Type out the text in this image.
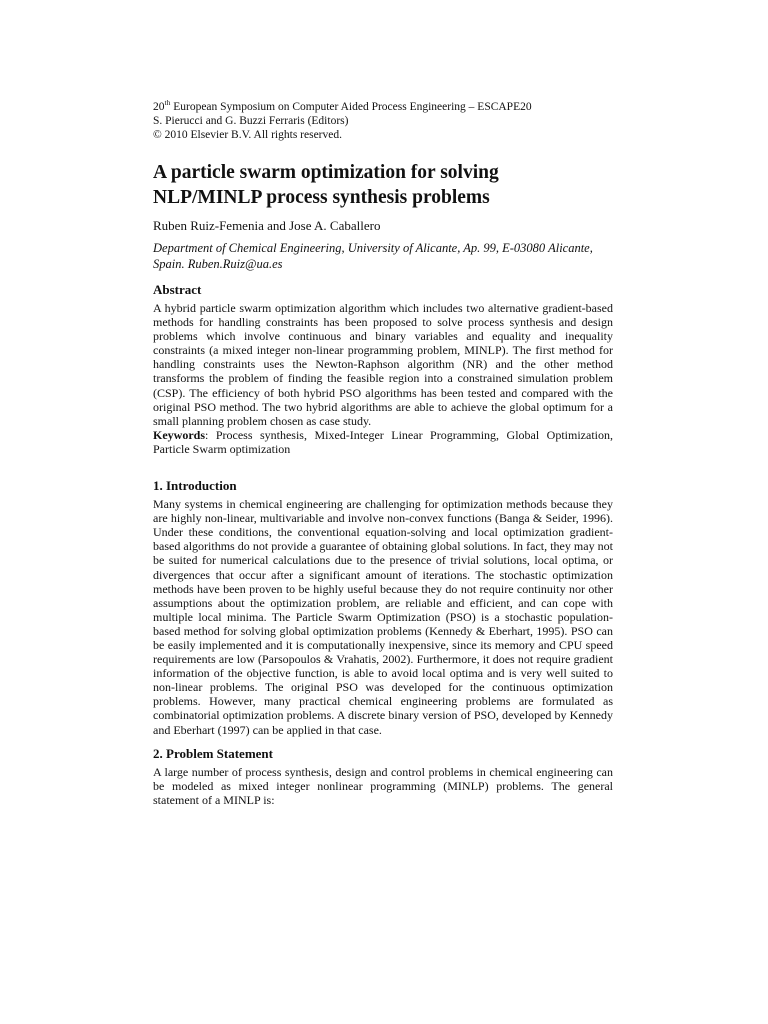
20th European Symposium on Computer Aided Process Engineering – ESCAPE20
S. Pierucci and G. Buzzi Ferraris (Editors)
© 2010 Elsevier B.V. All rights reserved.
A particle swarm optimization for solving
NLP/MINLP process synthesis problems
Ruben Ruiz-Femenia and Jose A. Caballero
Department of Chemical Engineering, University of Alicante, Ap. 99, E-03080 Alicante,
Spain. Ruben.Ruiz@ua.es
Abstract

A hybrid particle swarm optimization algorithm which includes two alternative gradient-based methods for handling constraints has been proposed to solve process synthesis and design problems which involve continuous and binary variables and equality and inequality constraints (a mixed integer non-linear programming problem, MINLP). The first method for handling constraints uses the Newton-Raphson algorithm (NR) and the other method transforms the problem of finding the feasible region into a constrained simulation problem (CSP). The efficiency of both hybrid PSO algorithms has been tested and compared with the original PSO method. The two hybrid algorithms are able to achieve the global optimum for a small planning problem chosen as case study.

Keywords: Process synthesis, Mixed-Integer Linear Programming, Global Optimization, Particle Swarm optimization

1. Introduction

Many systems in chemical engineering are challenging for optimization methods because they are highly non-linear, multivariable and involve non-convex functions (Banga & Seider, 1996). Under these conditions, the conventional equation-solving and local optimization gradient-based algorithms do not provide a guarantee of obtaining global solutions. In fact, they may not be suited for numerical calculations due to the presence of trivial solutions, local optima, or divergences that occur after a significant amount of iterations. The stochastic optimization methods have been proven to be highly useful because they do not require continuity nor other assumptions about the optimization problem, are reliable and efficient, and can cope with multiple local minima. The Particle Swarm Optimization (PSO) is a stochastic population-based method for solving global optimization problems (Kennedy & Eberhart, 1995). PSO can be easily implemented and it is computationally inexpensive, since its memory and CPU speed requirements are low (Parsopoulos & Vrahatis, 2002). Furthermore, it does not require gradient information of the objective function, is able to avoid local optima and is very well suited to non-linear problems. The original PSO was developed for the continuous optimization problems. However, many practical chemical engineering problems are formulated as combinatorial optimization problems. A discrete binary version of PSO, developed by Kennedy and Eberhart (1997) can be applied in that case.

2. Problem Statement

A large number of process synthesis, design and control problems in chemical engineering can be modeled as mixed integer nonlinear programming (MINLP) problems. The general statement of a MINLP is:
